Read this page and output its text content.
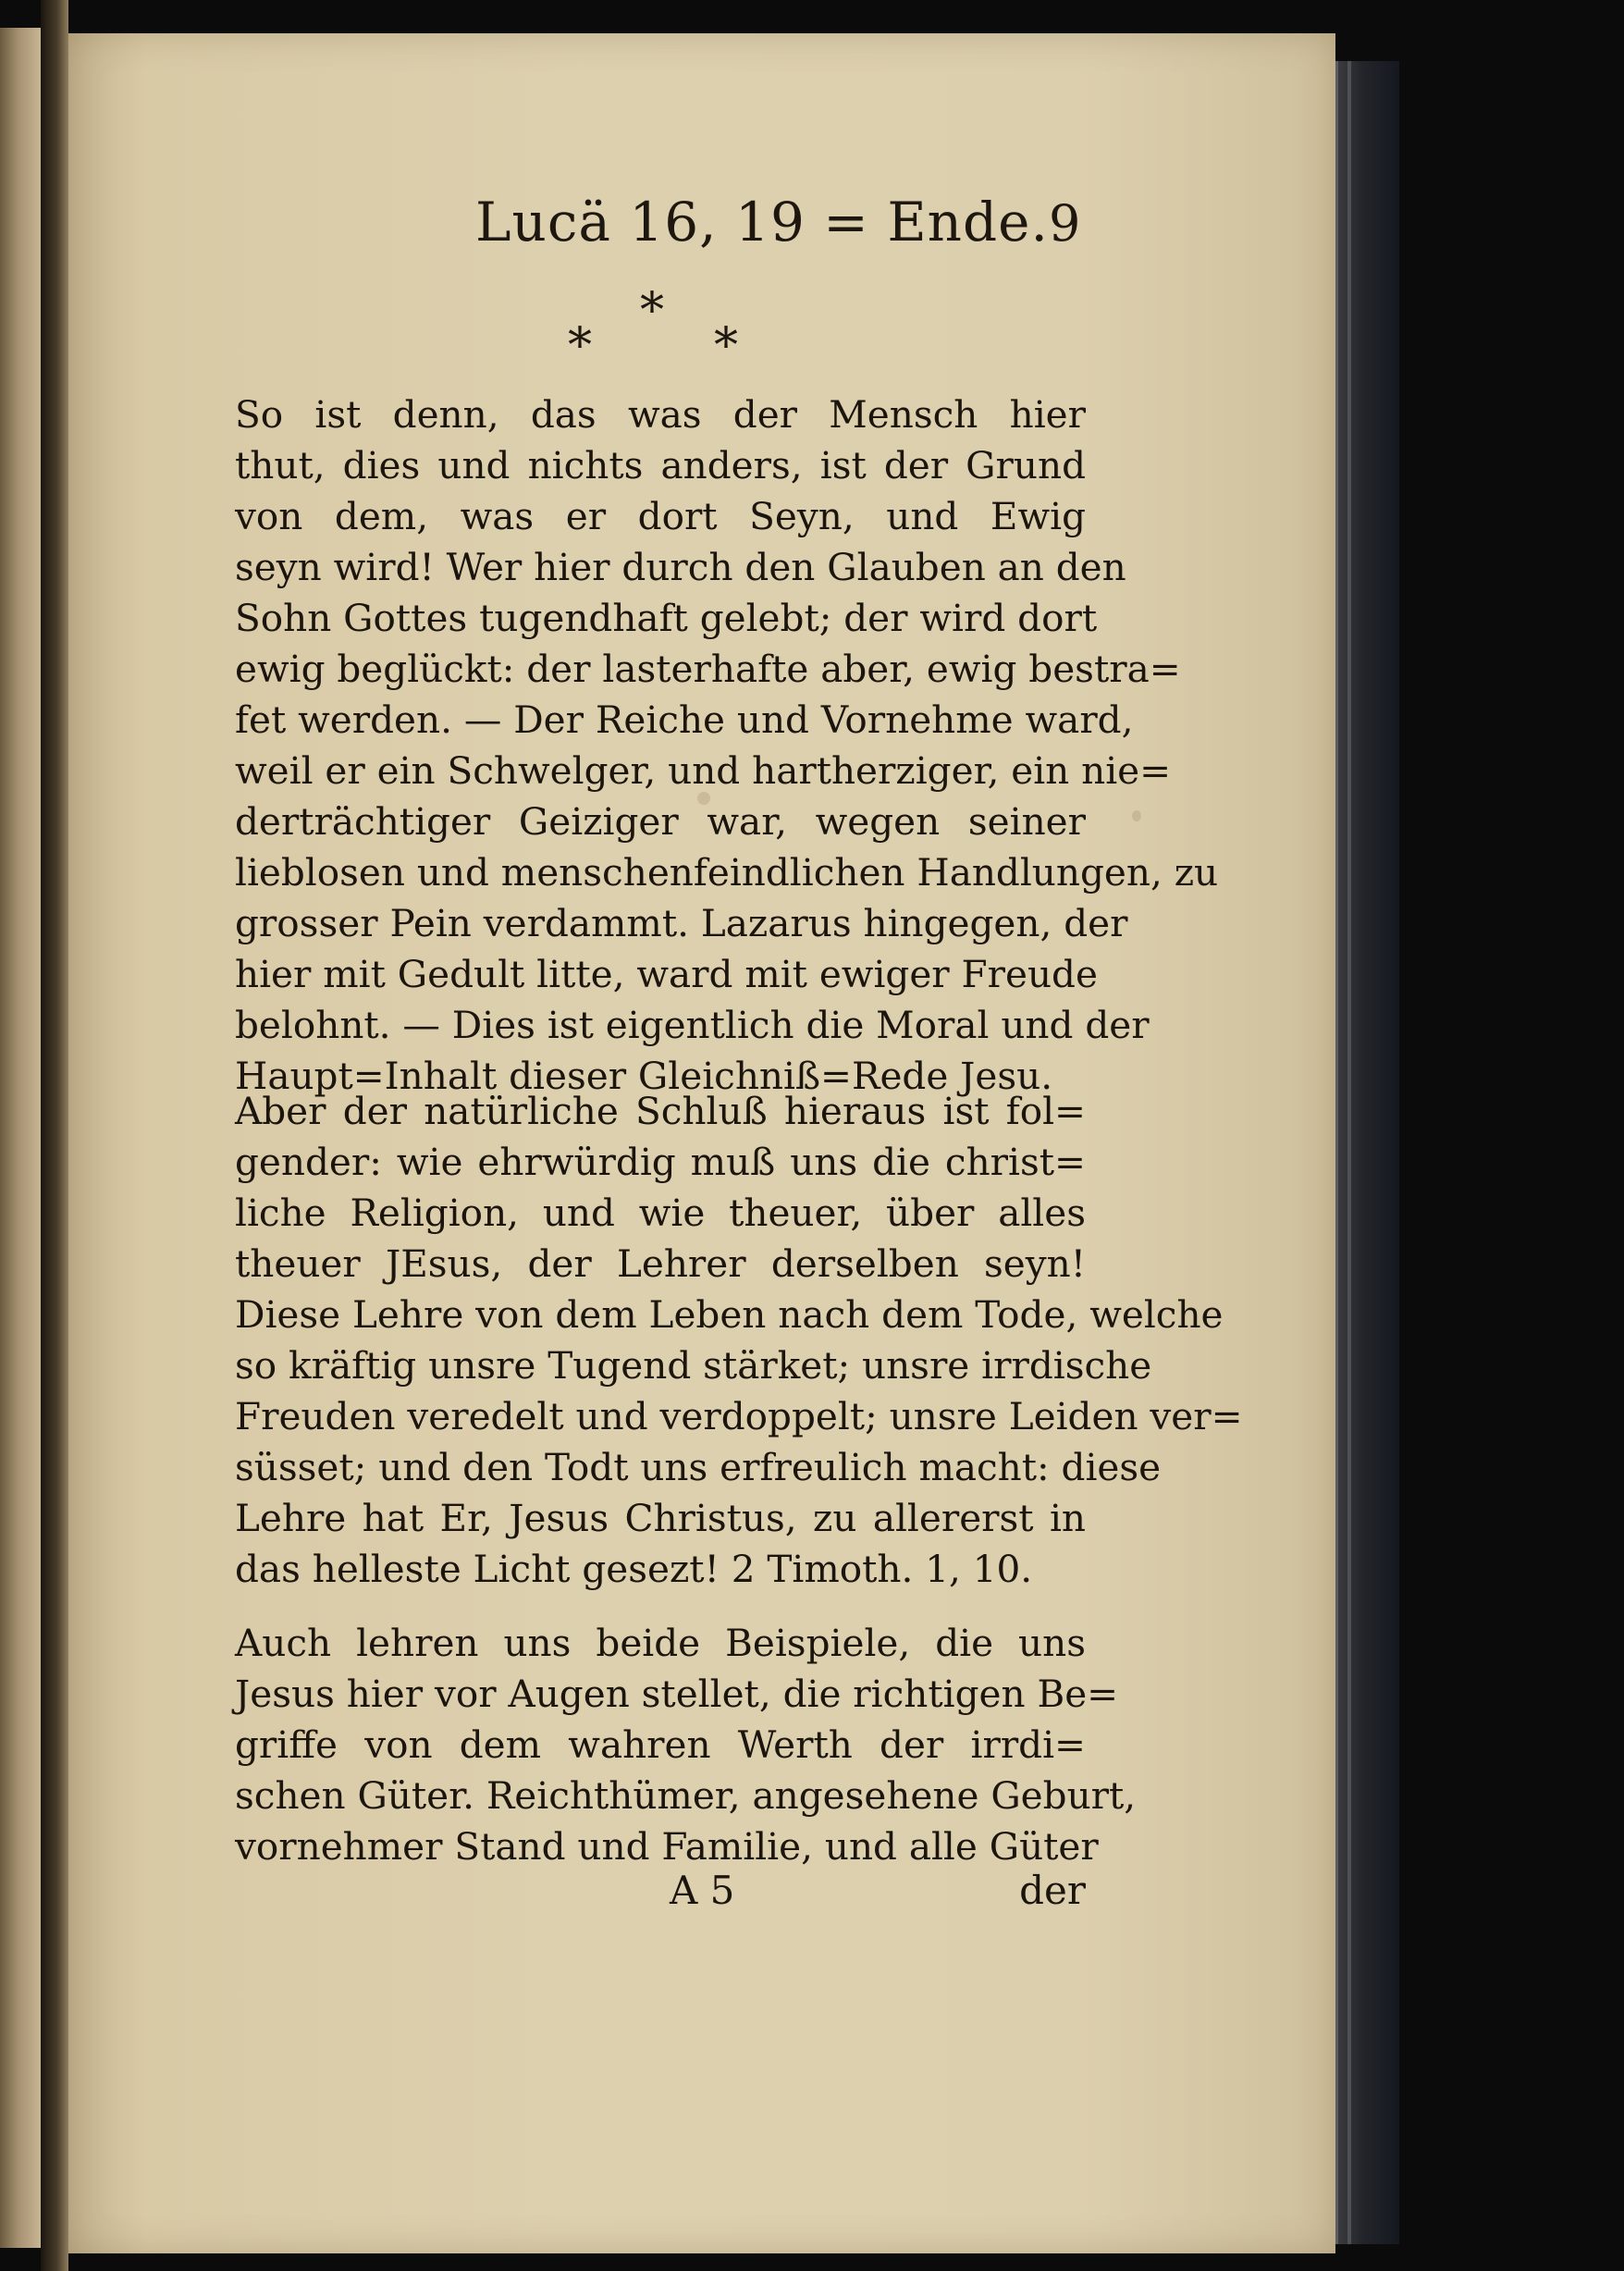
Lucä 16, 19 = Ende. 9
*
*	*
So ist denn, das was der Mensch hier
thut, dies und nichts anders, ist der Grund
von dem, was er dort Seyn, und Ewig
seyn wird! Wer hier durch den Glauben an den
Sohn Gottes tugendhaft gelebt; der wird dort
ewig beglückt: der lasterhafte aber, ewig bestra=
fet werden. — Der Reiche und Vornehme ward,
weil er ein Schwelger, und hartherziger, ein nie=
derträchtiger Geiziger war, wegen seiner
lieblosen und menschenfeindlichen Handlungen, zu
grosser Pein verdammt. Lazarus hingegen, der
hier mit Gedult litte, ward mit ewiger Freude
belohnt. — Dies ist eigentlich die Moral und der
Haupt=Inhalt dieser Gleichniß=Rede Jesu.
Aber der natürliche Schluß hieraus ist fol=
gender: wie ehrwürdig muß uns die christ=
liche Religion, und wie theuer, über alles
theuer JEsus, der Lehrer derselben seyn!
Diese Lehre von dem Leben nach dem Tode, welche
so kräftig unsre Tugend stärket; unsre irrdische
Freuden veredelt und verdoppelt; unsre Leiden ver=
süsset; und den Todt uns erfreulich macht: diese
Lehre hat Er, Jesus Christus, zu allererst in
das helleste Licht gesezt! 2 Timoth. 1, 10.
Auch lehren uns beide Beispiele, die uns
Jesus hier vor Augen stellet, die richtigen Be=
griffe von dem wahren Werth der irrdi=
schen Güter. Reichthümer, angesehene Geburt,
vornehmer Stand und Familie, und alle Güter
A 5	der
